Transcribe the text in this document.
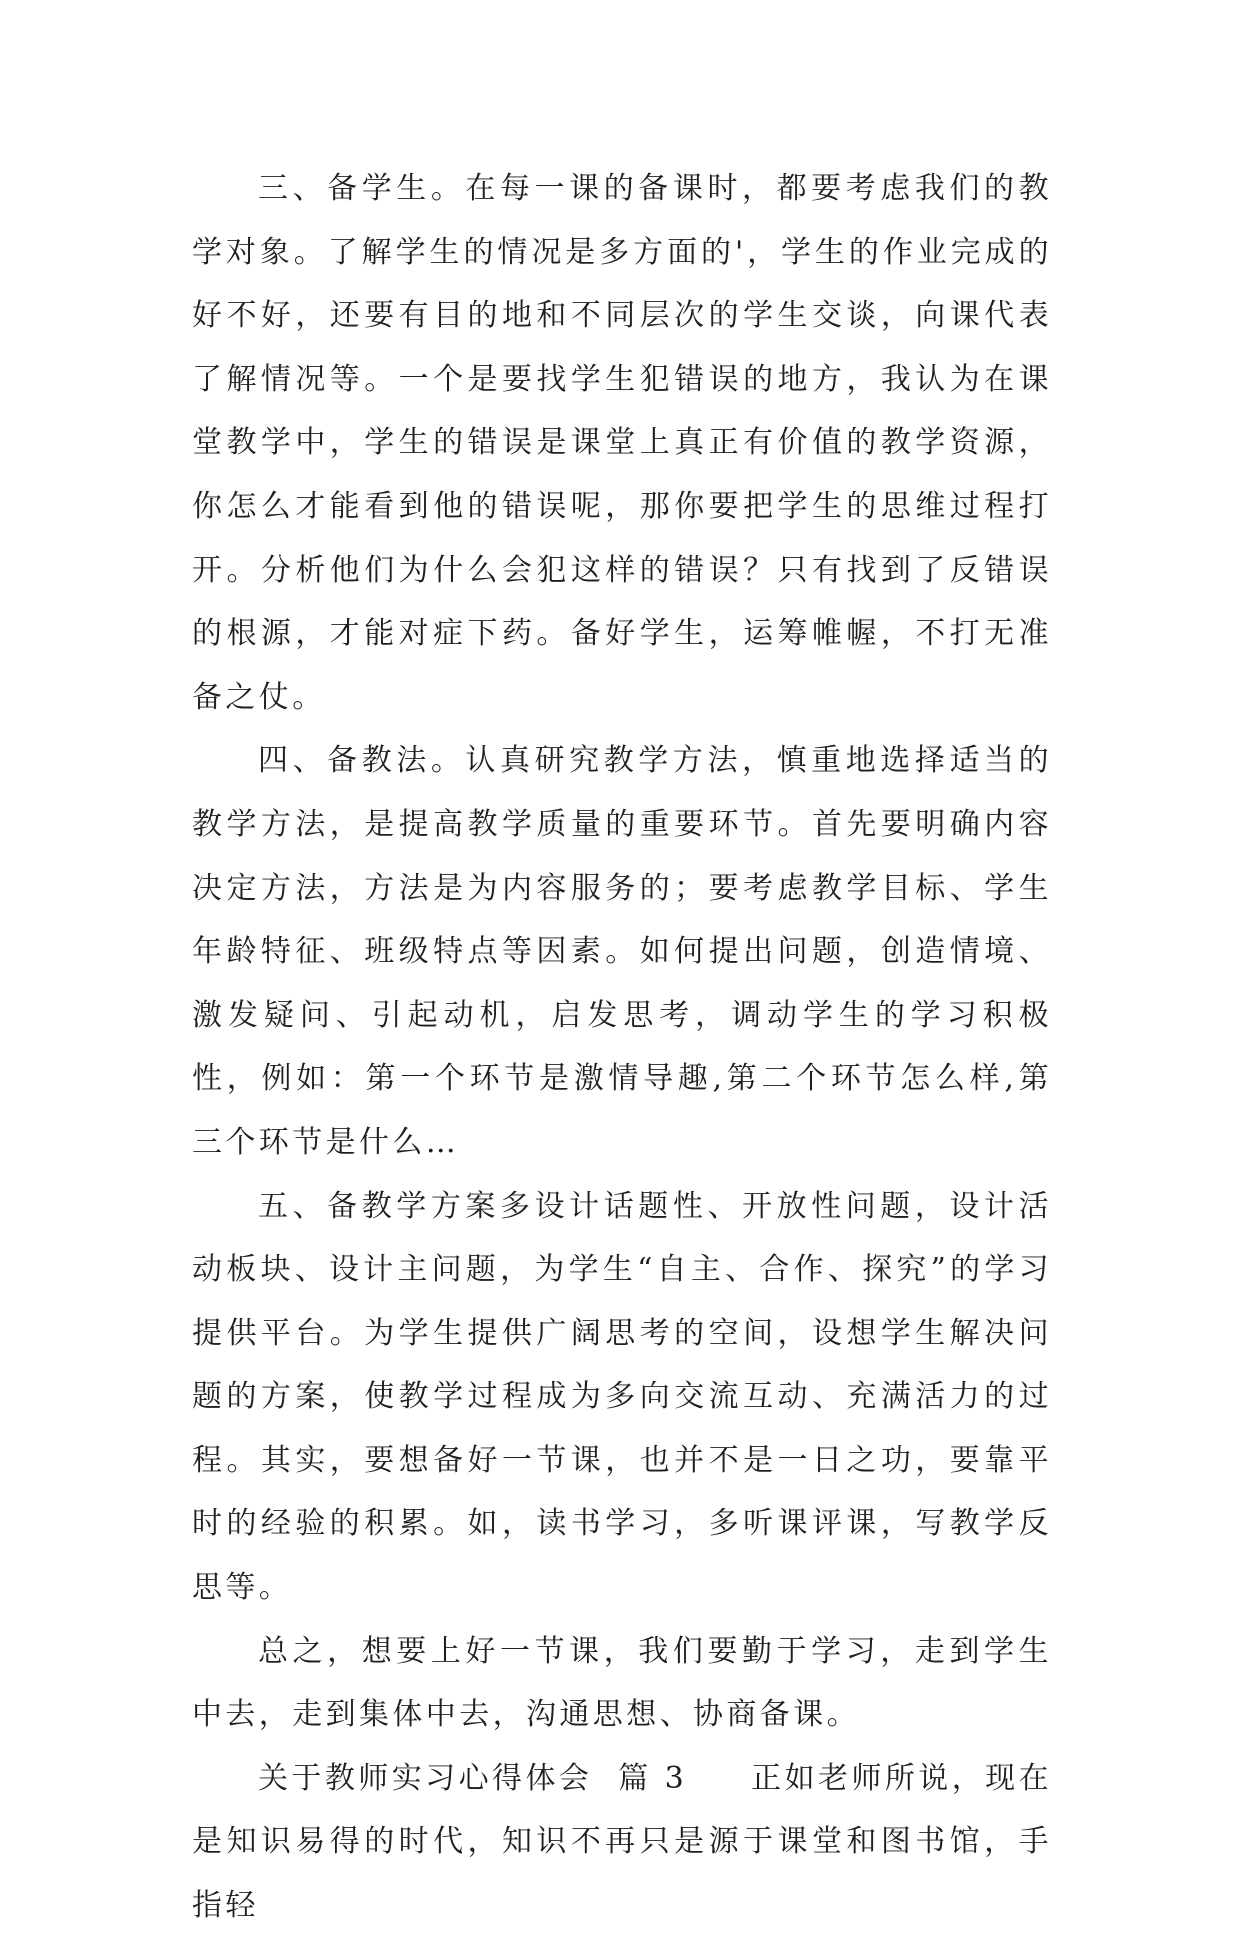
三、备学生。在每一课的备课时，都要考虑我们的教学对象。了解学生的情况是多方面的'，学生的作业完成的好不好，还要有目的地和不同层次的学生交谈，向课代表了解情况等。一个是要找学生犯错误的地方，我认为在课堂教学中，学生的错误是课堂上真正有价值的教学资源，你怎么才能看到他的错误呢，那你要把学生的思维过程打开。分析他们为什么会犯这样的错误？只有找到了反错误的根源，才能对症下药。备好学生，运筹帷幄，不打无准备之仗。

四、备教法。认真研究教学方法，慎重地选择适当的教学方法，是提高教学质量的重要环节。首先要明确内容决定方法，方法是为内容服务的；要考虑教学目标、学生年龄特征、班级特点等因素。如何提出问题，创造情境、激发疑问、引起动机，启发思考，调动学生的学习积极性，例如：第一个环节是激情导趣,第二个环节怎么样,第三个环节是什么…

五、备教学方案多设计话题性、开放性问题，设计活动板块、设计主问题，为学生“自主、合作、探究”的学习提供平台。为学生提供广阔思考的空间，设想学生解决问题的方案，使教学过程成为多向交流互动、充满活力的过程。其实，要想备好一节课，也并不是一日之功，要靠平时的经验的积累。如，读书学习，多听课评课，写教学反思等。

总之，想要上好一节课，我们要勤于学习，走到学生中去，走到集体中去，沟通思想、协商备课。

关于教师实习心得体会  篇 3 正如老师所说，现在是知识易得的时代，知识不再只是源于课堂和图书馆，手指轻
